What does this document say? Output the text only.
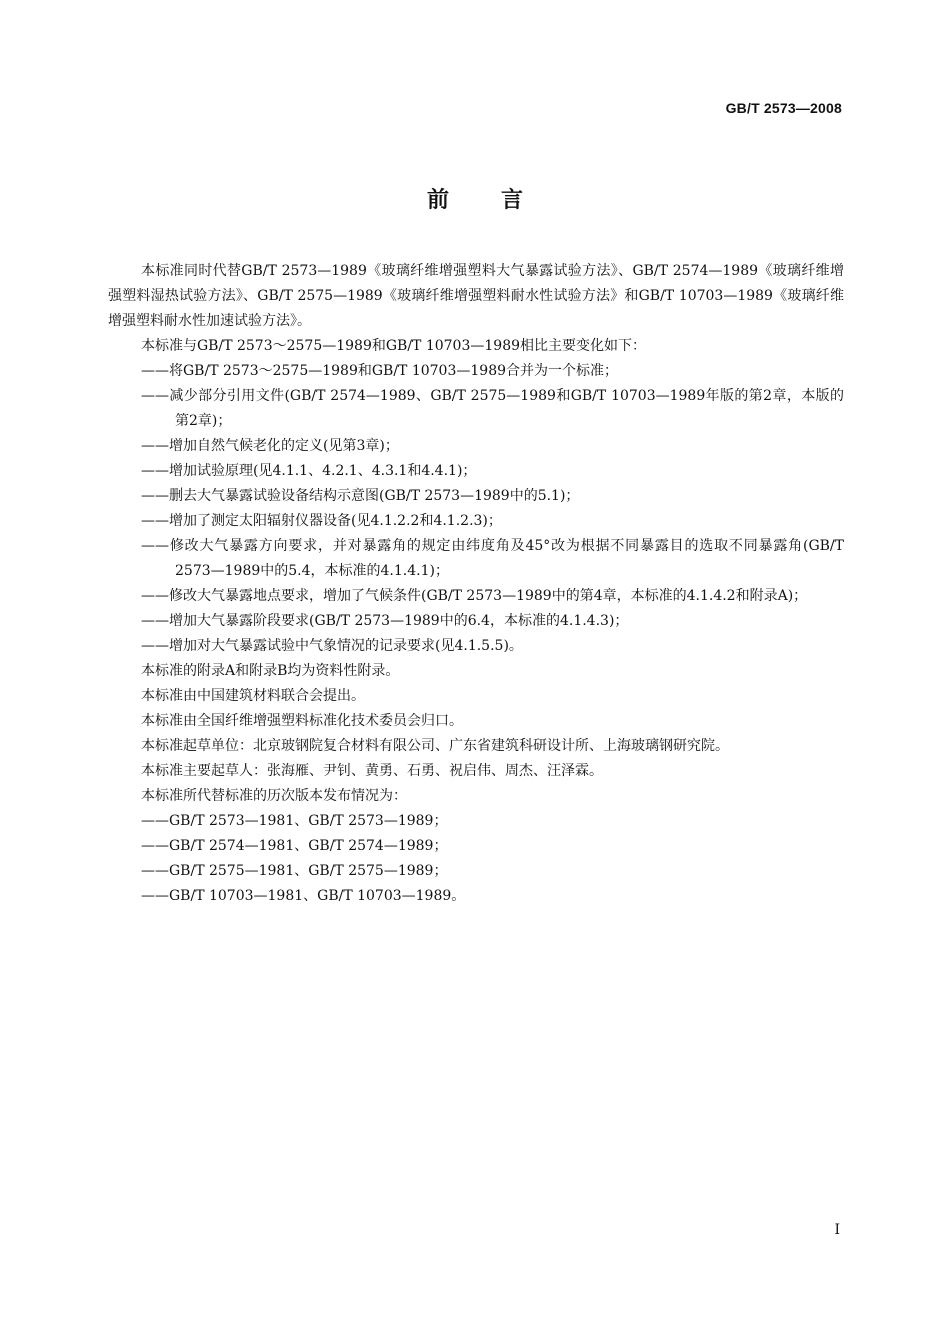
GB/T 2573—2008
前言

本标准同时代替GB/T 2573—1989《玻璃纤维增强塑料大气暴露试验方法》、GB/T 2574—1989《玻璃纤维增强塑料湿热试验方法》、GB/T 2575—1989《玻璃纤维增强塑料耐水性试验方法》和GB/T 10703—1989《玻璃纤维增强塑料耐水性加速试验方法》。

本标准与GB/T 2573～2575—1989和GB/T 10703—1989相比主要变化如下：

——将GB/T 2573～2575—1989和GB/T 10703—1989合并为一个标准；

——减少部分引用文件(GB/T 2574—1989、GB/T 2575—1989和GB/T 10703—1989年版的第2章，本版的第2章)；

——增加自然气候老化的定义(见第3章)；

——增加试验原理(见4.1.1、4.2.1、4.3.1和4.4.1)；

——删去大气暴露试验设备结构示意图(GB/T 2573—1989中的5.1)；

——增加了测定太阳辐射仪器设备(见4.1.2.2和4.1.2.3)；

——修改大气暴露方向要求，并对暴露角的规定由纬度角及45°改为根据不同暴露目的选取不同暴露角(GB/T 2573—1989中的5.4，本标准的4.1.4.1)；

——修改大气暴露地点要求，增加了气候条件(GB/T 2573—1989中的第4章，本标准的4.1.4.2和附录A)；

——增加大气暴露阶段要求(GB/T 2573—1989中的6.4，本标准的4.1.4.3)；

——增加对大气暴露试验中气象情况的记录要求(见4.1.5.5)。

本标准的附录A和附录B均为资料性附录。

本标准由中国建筑材料联合会提出。

本标准由全国纤维增强塑料标准化技术委员会归口。

本标准起草单位：北京玻钢院复合材料有限公司、广东省建筑科研设计所、上海玻璃钢研究院。

本标准主要起草人：张海雁、尹钊、黄勇、石勇、祝启伟、周杰、汪泽霖。

本标准所代替标准的历次版本发布情况为：

——GB/T 2573—1981、GB/T 2573—1989；

——GB/T 2574—1981、GB/T 2574—1989；

——GB/T 2575—1981、GB/T 2575—1989；

——GB/T 10703—1981、GB/T 10703—1989。

I
